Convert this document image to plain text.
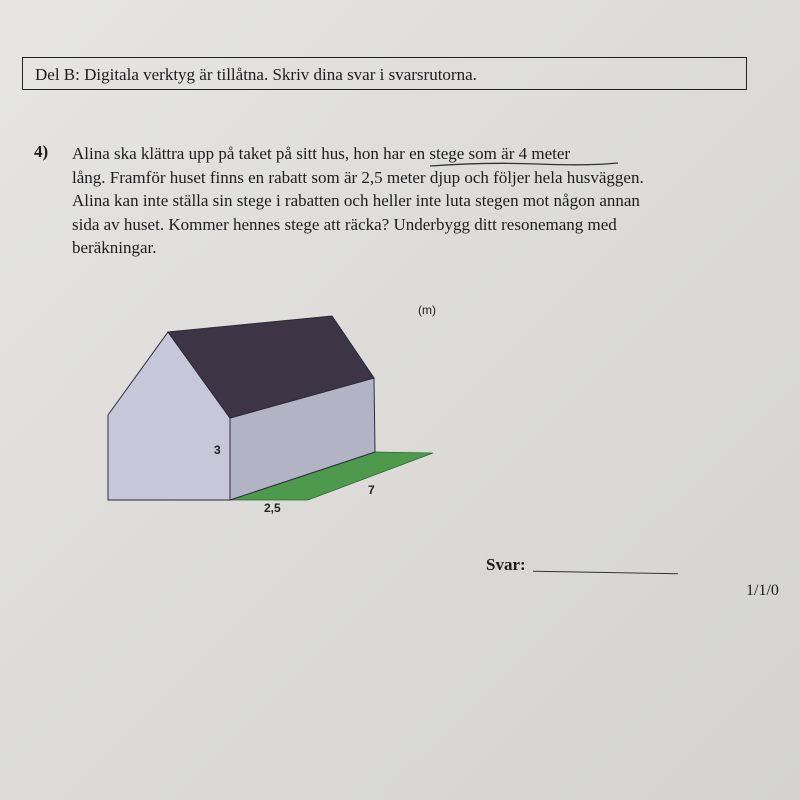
Del B: Digitala verktyg är tillåtna. Skriv dina svar i svarsrutorna.
4) Alina ska klättra upp på taket på sitt hus, hon har en stege som är 4 meter
lång. Framför huset finns en rabatt som är 2,5 meter djup och följer hela husväggen.
Alina kan inte ställa sin stege i rabatten och heller inte luta stegen mot någon annan
sida av huset. Kommer hennes stege att räcka? Underbygg ditt resonemang med
beräkningar.
(m)
3
2,5
7
Svar:
1/1/0
